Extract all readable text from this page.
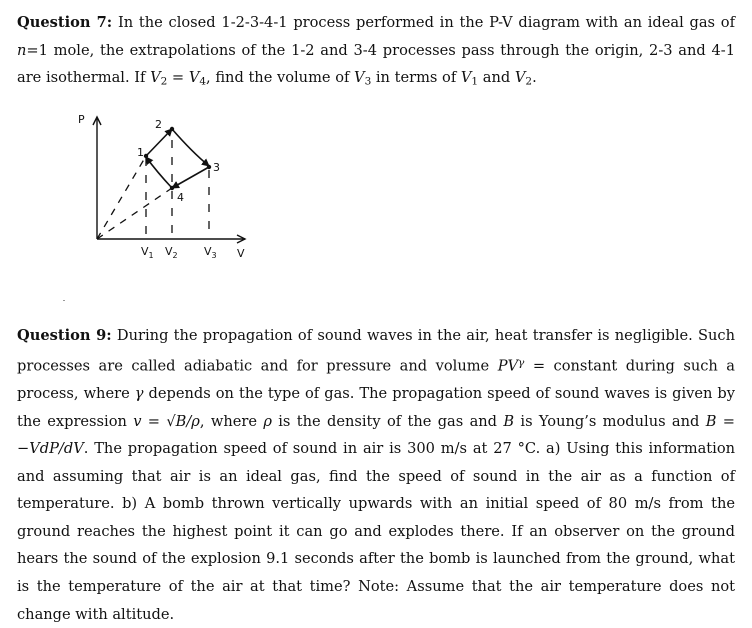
Question 7: In the closed 1-2-3-4-1 process performed in the P-V diagram with an ideal gas of n=1 mole, the extrapolations of the 1-2 and 3-4 processes pass through the origin, 2-3 and 4-1 are isothermal. If $V_2 = V_4$, find the volume of $V_3$ in terms of $V_1$ and $V_2$.
P
V
1
2
3
4
$V_1$ $V_2$ $V_3$
Question 9: During the propagation of sound waves in the air, heat transfer is negligible. Such processes are called adiabatic and for pressure and volume $PV^\gamma$ = constant during such a process, where γ depends on the type of gas. The propagation speed of sound waves is given by the expression v = √B/ρ, where ρ is the density of the gas and B is Young’s modulus and B = −VdP/dV. The propagation speed of sound in air is 300 m/s at 27 °C. a) Using this information and assuming that air is an ideal gas, find the speed of sound in the air as a function of temperature. b) A bomb thrown vertically upwards with an initial speed of 80 m/s from the ground reaches the highest point it can go and explodes there. If an observer on the ground hears the sound of the explosion 9.1 seconds after the bomb is launched from the ground, what is the temperature of the air at that time? Note: Assume that the air temperature does not change with altitude.
